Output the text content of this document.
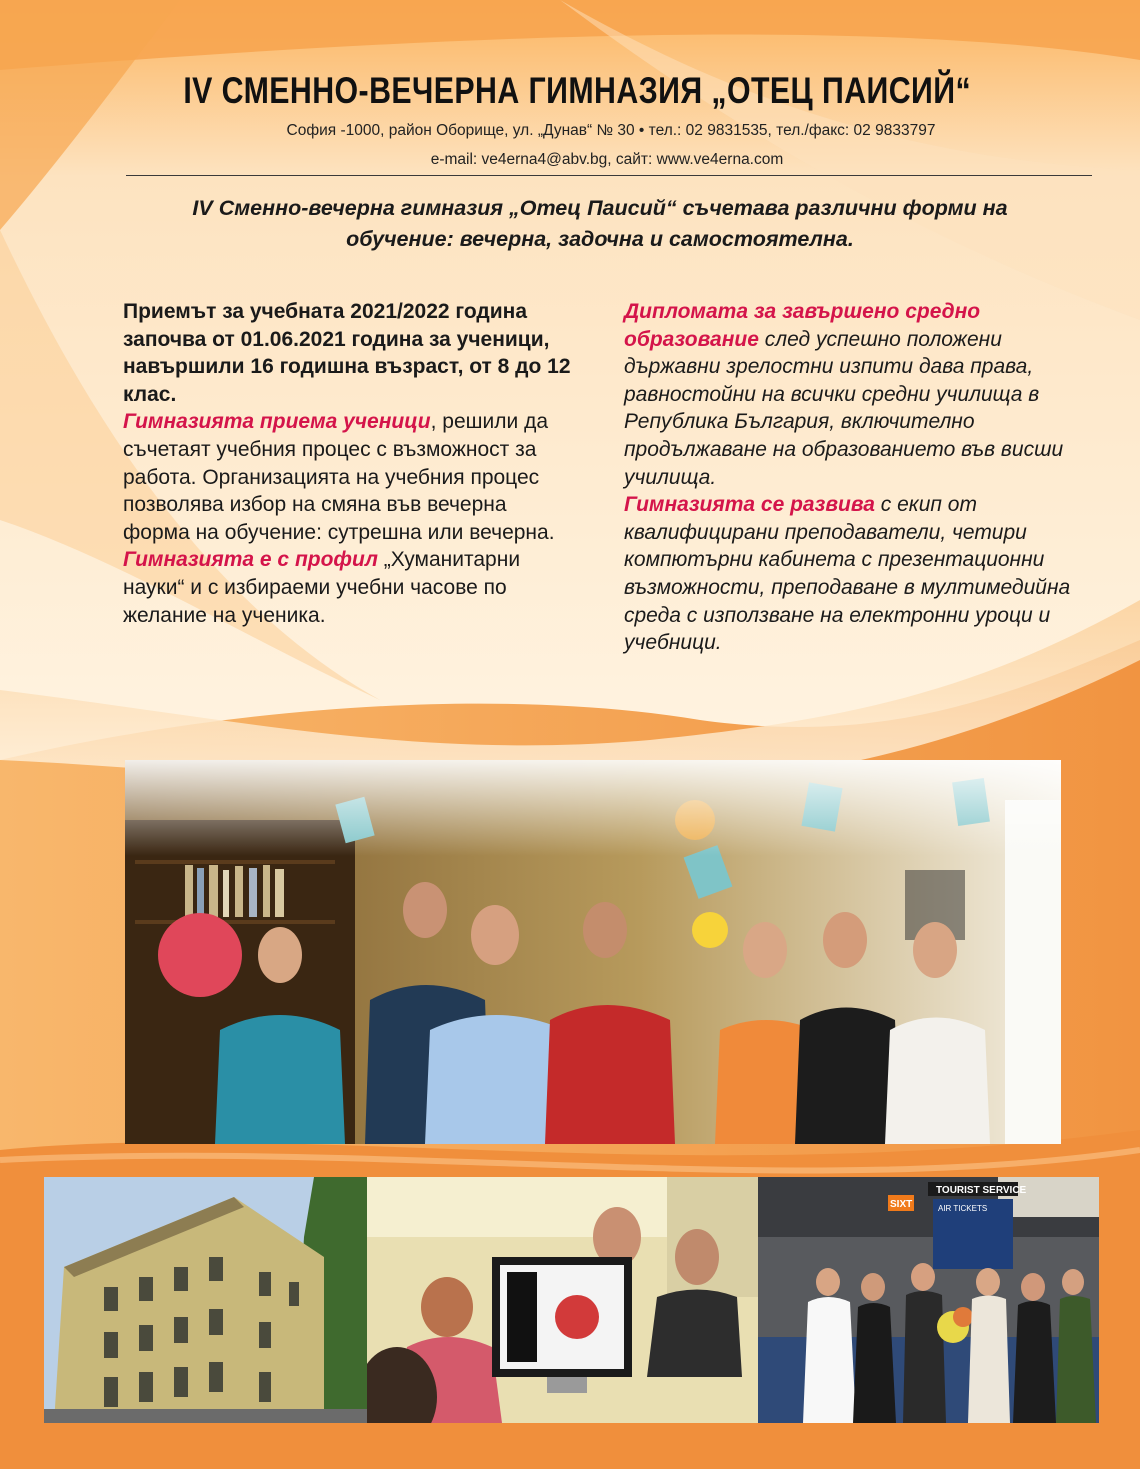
IV СМЕННО-ВЕЧЕРНА ГИМНАЗИЯ „ОТЕЦ ПАИСИЙ“
София -1000, район Оборище, ул. „Дунав“ № 30 • тел.: 02 9831535, тел./факс: 02 9833797
e-mail: ve4erna4@abv.bg, сайт: www.ve4erna.com
IV Сменно-вечерна гимназия „Отец Паисий“ съчетава различни форми на
обучение: вечерна, задочна и самостоятелна.

Приемът за учебната 2021/2022 година започва от 01.06.2021 година за ученици, навършили 16 годишна възраст, от 8 до 12 клас.

Гимназията приема ученици, решили да съчетаят учебния процес с възможност за работа. Организацията на учебния процес позволява избор на смяна във вечерна форма на обучение: сутрешна или вечерна.

Гимназията е с профил „Хуманитарни науки“ и с избираеми учебни часове по желание на ученика.

Дипломата за завършено средно образование след успешно положени държавни зрелостни изпити дава права, равностойни на всички средни училища в Република България, включително продължаване на образованието във висши училища.

Гимназията се развива с екип от квалифицирани преподаватели, четири компютърни кабинета с презентационни възможности, преподаване в мултимедийна среда с използване на електронни уроци и учебници.

TOURIST SERVICE
SIXT	AIR TICKETS
